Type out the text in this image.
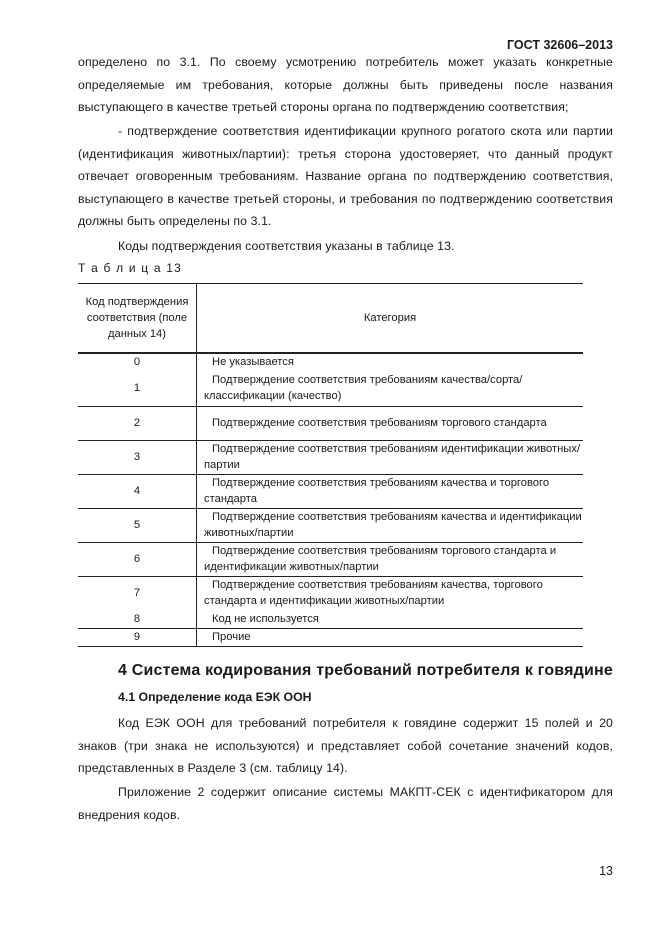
ГОСТ 32606–2013
определено по 3.1. По своему усмотрению потребитель может указать конкретные определяемые им требования, которые должны быть приведены после названия выступающего в качестве третьей стороны органа по подтверждению соответствия;
- подтверждение соответствия идентификации крупного рогатого скота или партии (идентификация животных/партии): третья сторона удостоверяет, что данный продукт отвечает оговоренным требованиям. Название органа по подтверждению соответствия, выступающего в качестве третьей стороны, и требования по подтверждению соответствия должны быть определены по 3.1.
Коды подтверждения соответствия указаны в таблице 13.
Т а б л и ц а 13
Код подтверждения соответствия (поле данных 14)	Категория
0	Не указывается
1	Подтверждение соответствия требованиям качества/сорта/классификации (качество)

2	Подтверждение соответствия требованиям торгового стандарта

3	Подтверждение соответствия требованиям идентификации животных/партии

4	Подтверждение соответствия требованиям качества и торгового стандарта

5	Подтверждение соответствия требованиям качества и идентификации животных/партии

6	Подтверждение соответствия требованиям торгового стандарта и идентификации животных/партии

7	Подтверждение соответствия требованиям качества, торгового стандарта и идентификации животных/партии

8	Код не используется
9	Прочие
4 Система кодирования требований потребителя к говядине
4.1 Определение кода ЕЭК ООН
Код ЕЭК ООН для требований потребителя к говядине содержит 15 полей и 20 знаков (три знака не используются) и представляет собой сочетание значений кодов, представленных в Разделе 3 (см. таблицу 14).
Приложение 2 содержит описание системы МАКПТ-СЕК с идентификатором для внедрения кодов.
13
